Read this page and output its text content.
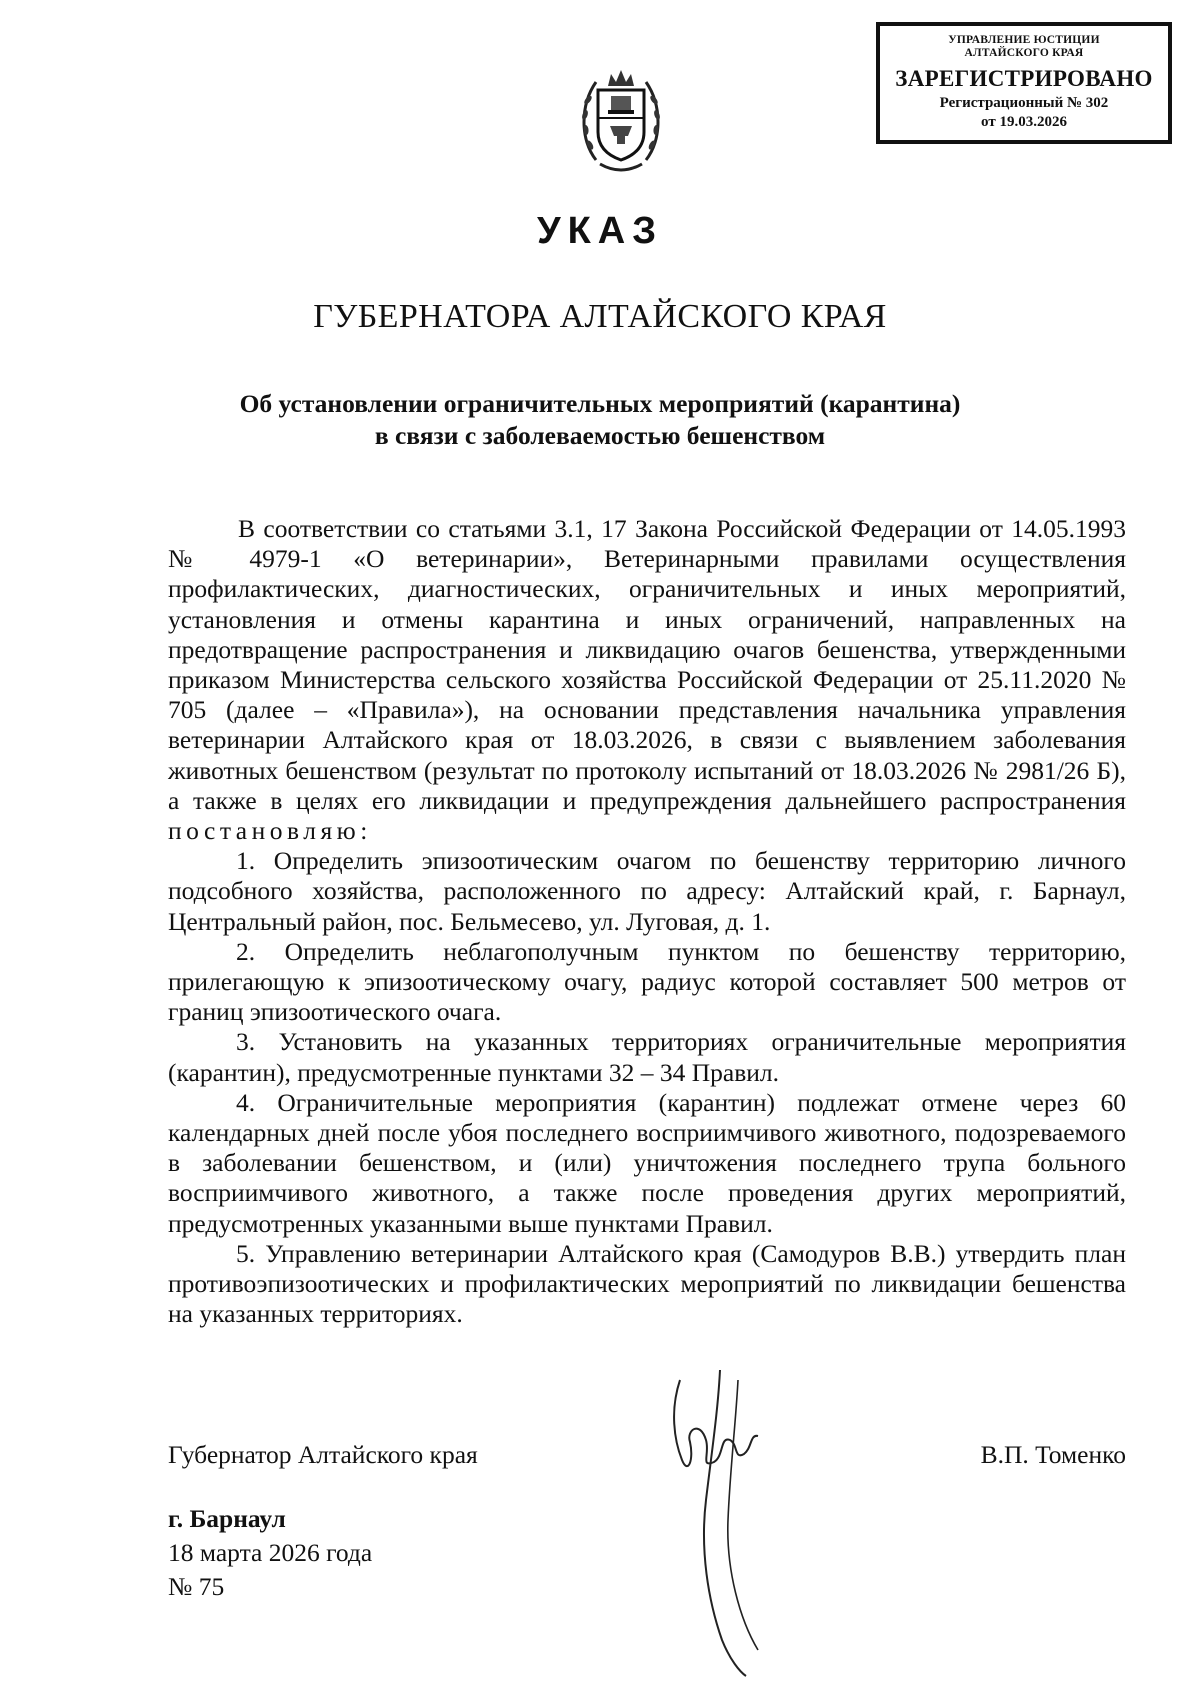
УПРАВЛЕНИЕ ЮСТИЦИИ
АЛТАЙСКОГО КРАЯ
ЗАРЕГИСТРИРОВАНО
Регистрационный № 302
от 19.03.2026
УКАЗ
ГУБЕРНАТОРА АЛТАЙСКОГО КРАЯ
Об установлении ограничительных мероприятий (карантина)
в связи с заболеваемостью бешенством

В соответствии со статьями 3.1, 17 Закона Российской Федерации от 14.05.1993 № 4979-1 «О ветеринарии», Ветеринарными правилами осуществления профилактических, диагностических, ограничительных и иных мероприятий, установления и отмены карантина и иных ограничений, направленных на предотвращение распространения и ликвидацию очагов бешенства, утвержденными приказом Министерства сельского хозяйства Российской Федерации от 25.11.2020 № 705 (далее – «Правила»), на основании представления начальника управления ветеринарии Алтайского края от 18.03.2026, в связи с выявлением заболевания животных бешенством (результат по протоколу испытаний от 18.03.2026 № 2981/26 Б), а также в целях его ликвидации и предупреждения дальнейшего распространения постановляю:

1. Определить эпизоотическим очагом по бешенству территорию личного подсобного хозяйства, расположенного по адресу: Алтайский край, г. Барнаул, Центральный район, пос. Бельмесево, ул. Луговая, д. 1.

2. Определить неблагополучным пунктом по бешенству территорию, прилегающую к эпизоотическому очагу, радиус которой составляет 500 метров от границ эпизоотического очага.

3. Установить на указанных территориях ограничительные мероприятия (карантин), предусмотренные пунктами 32 – 34 Правил.

4. Ограничительные мероприятия (карантин) подлежат отмене через 60 календарных дней после убоя последнего восприимчивого животного, подозреваемого в заболевании бешенством, и (или) уничтожения последнего трупа больного восприимчивого животного, а также после проведения других мероприятий, предусмотренных указанными выше пунктами Правил.

5. Управлению ветеринарии Алтайского края (Самодуров В.В.) утвердить план противоэпизоотических и профилактических мероприятий по ликвидации бешенства на указанных территориях.

Губернатор Алтайского края	В.П. Томенко
г. Барнаул
18 марта 2026 года
№ 75
